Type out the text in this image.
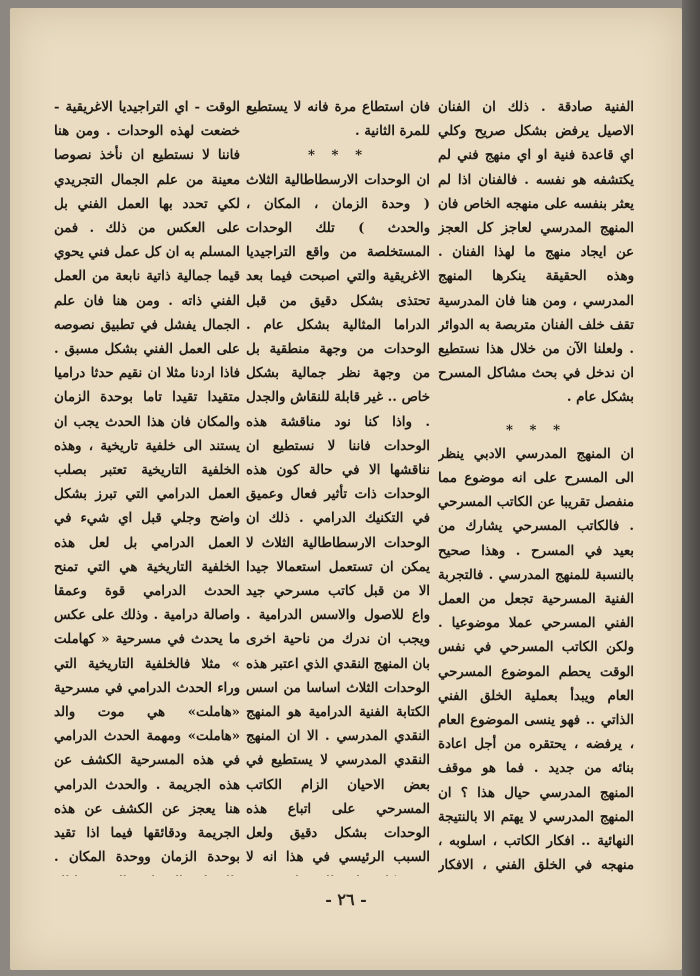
الفنية صادقة . ذلك ان الفنان الاصيل يرفض بشكل صريح وكلي اي قاعدة فنية او اي منهج فني لم يكتشفه هو نفسه . فالفنان اذا لم يعثر بنفسه على منهجه الخاص فان المنهج المدرسي لعاجز كل العجز عن ايجاد منهج ما لهذا الفنان . وهذه الحقيقة ينكرها المنهج المدرسي ، ومن هنا فان المدرسية تقف خلف الفنان متربصة به الدوائر . ولعلنا الآن من خلال هذا نستطيع ان ندخل في بحث مشاكل المسرح بشكل عام .

* * *

ان المنهج المدرسي الادبي ينظر الى المسرح على انه موضوع مما منفصل تقريبا عن الكاتب المسرحي . فالكاتب المسرحي يشارك من بعيد في المسرح . وهذا صحيح بالنسبة للمنهج المدرسي . فالتجربة الفنية المسرحية تجعل من العمل الفني المسرحي عملا موضوعيا . ولكن الكاتب المسرحي في نفس الوقت يحطم الموضوع المسرحي العام ويبدأ بعملية الخلق الفني الذاتي .. فهو ينسى الموضوع العام ، يرفضه ، يحتقره من أجل اعادة بنائه من جديد . فما هو موقف المنهج المدرسي حيال هذا ؟ ان المنهج المدرسي لا يهتم الا بالنتيجة النهائية .. افكار الكاتب ، اسلوبه ، منهجه في الخلق الفني ، الافكار

فان استطاع مرة فانه لا يستطيع للمرة الثانية .

* * *

ان الوحدات الارسطاطالية الثلاث ( وحدة الزمان ، المكان ، والحدث ) تلك الوحدات المستخلصة من واقع التراجيديا الاغريقية والتي اصبحت فيما بعد تحتذى بشكل دقيق من قبل الدراما المثالية بشكل عام . الوحدات من وجهة منطقية بل من وجهة نظر جمالية بشكل خاص .. غير قابلة للنقاش والجدل . واذا كنا نود مناقشة هذه الوحدات فاننا لا نستطيع ان نناقشها الا في حالة كون هذه الوحدات ذات تأثير فعال وعميق في التكنيك الدرامي . ذلك ان الوحدات الارسطاطالية الثلاث لا يمكن ان تستعمل استعمالا جيدا الا من قبل كاتب مسرحي جيد واع للاصول والاسس الدرامية . ويجب ان ندرك من ناحية اخرى بان المنهج النقدي الذي اعتبر هذه الوحدات الثلاث اساسا من اسس الكتابة الفنية الدرامية هو المنهج النقدي المدرسي . الا ان المنهج النقدي المدرسي لا يستطيع في بعض الاحيان الزام الكاتب المسرحي على اتباع هذه الوحدات بشكل دقيق ولعل السبب الرئيسي في هذا انه لا

الوقت - اي التراجيديا الاغريقية - خضعت لهذه الوحدات . ومن هنا فاننا لا نستطيع ان نأخذ نصوصا معينة من علم الجمال التجريدي لكي تحدد بها العمل الفني بل على العكس من ذلك . فمن المسلم به ان كل عمل فني يحوي قيما جمالية ذاتية نابعة من العمل الفني ذاته . ومن هنا فان علم الجمال يفشل في تطبيق نصوصه على العمل الفني بشكل مسبق . فاذا اردنا مثلا ان نقيم حدثا دراميا متقيدا تقيدا تاما بوحدة الزمان والمكان فان هذا الحدث يجب ان يستند الى خلفية تاريخية ، وهذه الخلفية التاريخية تعتبر بصلب العمل الدرامي التي تبرز بشكل واضح وجلي قبل اي شيء في العمل الدرامي بل لعل هذه الخلفية التاريخية هي التي تمنح الحدث الدرامي قوة وعمقا واصالة درامية . وذلك على عكس ما يحدث في مسرحية « كهاملت » مثلا فالخلفية التاريخية التي وراء الحدث الدرامي في مسرحية «هاملت» هي موت والد «هاملت» ومهمة الحدث الدرامي في هذه المسرحية الكشف عن هذه الجريمة . والحدث الدرامي هنا يعجز عن الكشف عن هذه الجريمة ودقائقها فيما اذا تقيد بوحدة الزمان ووحدة المكان .

- ٢٦ -
